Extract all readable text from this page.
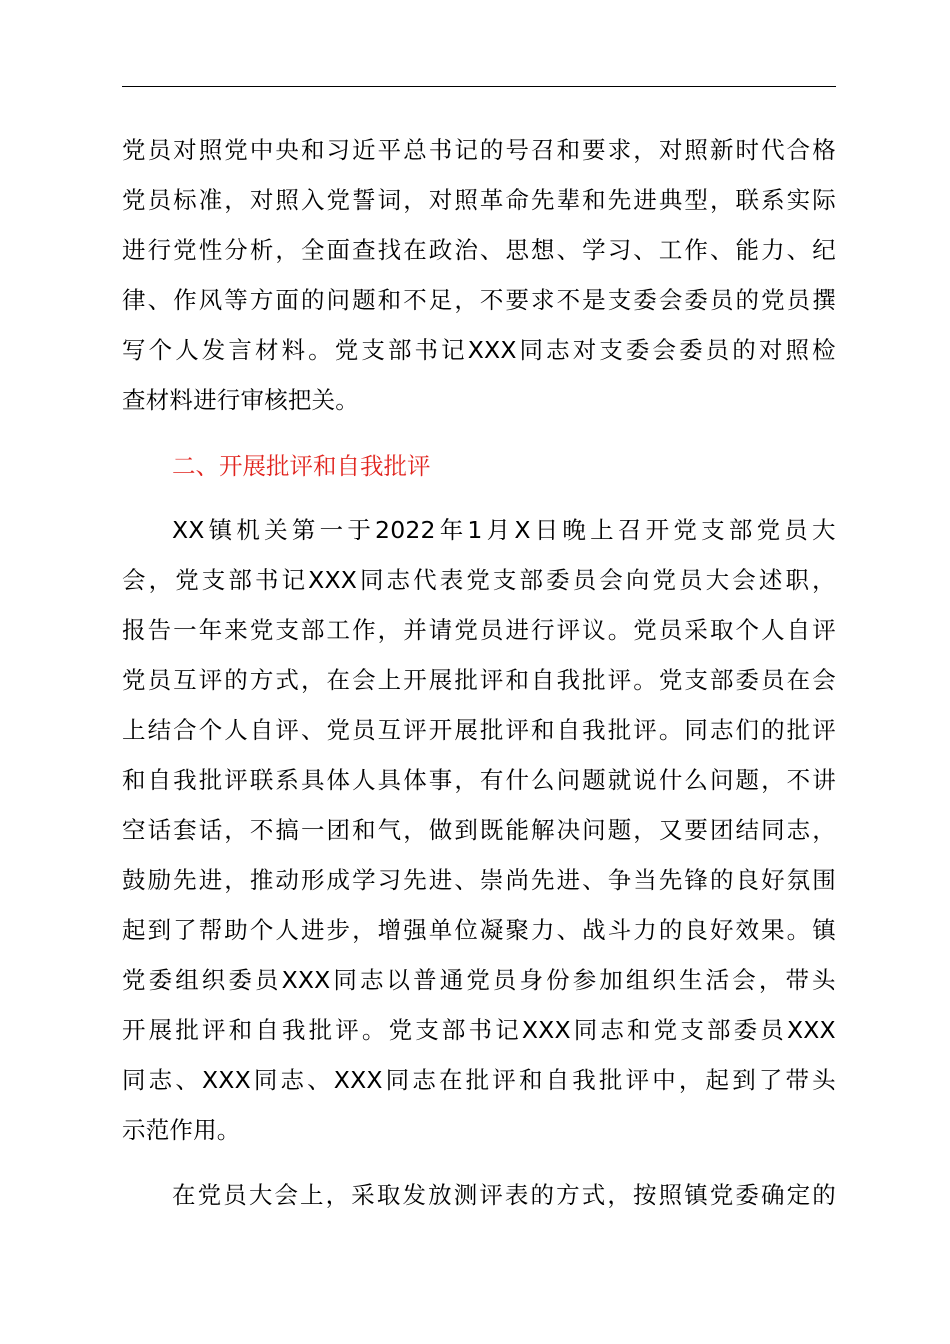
党 员 对 照 党 中 央 和 习 近 平 总 书 记 的 号 召 和 要 求 ， 对 照 新 时 代 合 格
党 员 标 准 ， 对 照 入 党 誓 词 ， 对 照 革 命 先 辈 和 先 进 典 型 ， 联 系 实 际
进 行 党 性 分 析 ， 全 面 查 找 在 政 治 、 思 想 、 学 习 、 工 作 、 能 力 、 纪
律 、 作 风 等 方 面 的 问 题 和 不 足 ， 不 要 求 不 是 支 委 会 委 员 的 党 员 撰
写 个 人 发 言 材 料 。 党 支 部 书 记 XXX 同 志 对 支 委 会 委 员 的 对 照 检
查材料进行审核把关。
二、开展批评和自我批评
XX 镇 机 关 第 一 于 2022 年 1 月 X 日 晚 上 召 开 党 支 部 党 员 大
会 ， 党 支 部 书 记 XXX 同 志 代 表 党 支 部 委 员 会 向 党 员 大 会 述 职 ，
报 告 一 年 来 党 支 部 工 作 ， 并 请 党 员 进 行 评 议 。 党 员 采 取 个 人 自 评
党 员 互 评 的 方 式 ， 在 会 上 开 展 批 评 和 自 我 批 评 。 党 支 部 委 员 在 会
上 结 合 个 人 自 评 、 党 员 互 评 开 展 批 评 和 自 我 批 评 。 同 志 们 的 批 评
和 自 我 批 评 联 系 具 体 人 具 体 事 ， 有 什 么 问 题 就 说 什 么 问 题 ， 不 讲
空 话 套 话 ， 不 搞 一 团 和 气 ， 做 到 既 能 解 决 问 题 ， 又 要 团 结 同 志 ，
鼓 励 先 进 ， 推 动 形 成 学 习 先 进 、 崇 尚 先 进 、 争 当 先 锋 的 良 好 氛 围
起 到 了 帮 助 个 人 进 步 ， 增 强 单 位 凝 聚 力 、 战 斗 力 的 良 好 效 果 。 镇
党 委 组 织 委 员 XXX 同 志 以 普 通 党 员 身 份 参 加 组 织 生 活 会 ， 带 头
开 展 批 评 和 自 我 批 评 。 党 支 部 书 记 XXX 同 志 和 党 支 部 委 员 XXX
同 志 、 XXX 同 志 、 XXX 同 志 在 批 评 和 自 我 批 评 中 ， 起 到 了 带 头
示范作用。
在 党 员 大 会 上 ， 采 取 发 放 测 评 表 的 方 式 ， 按 照 镇 党 委 确 定 的
